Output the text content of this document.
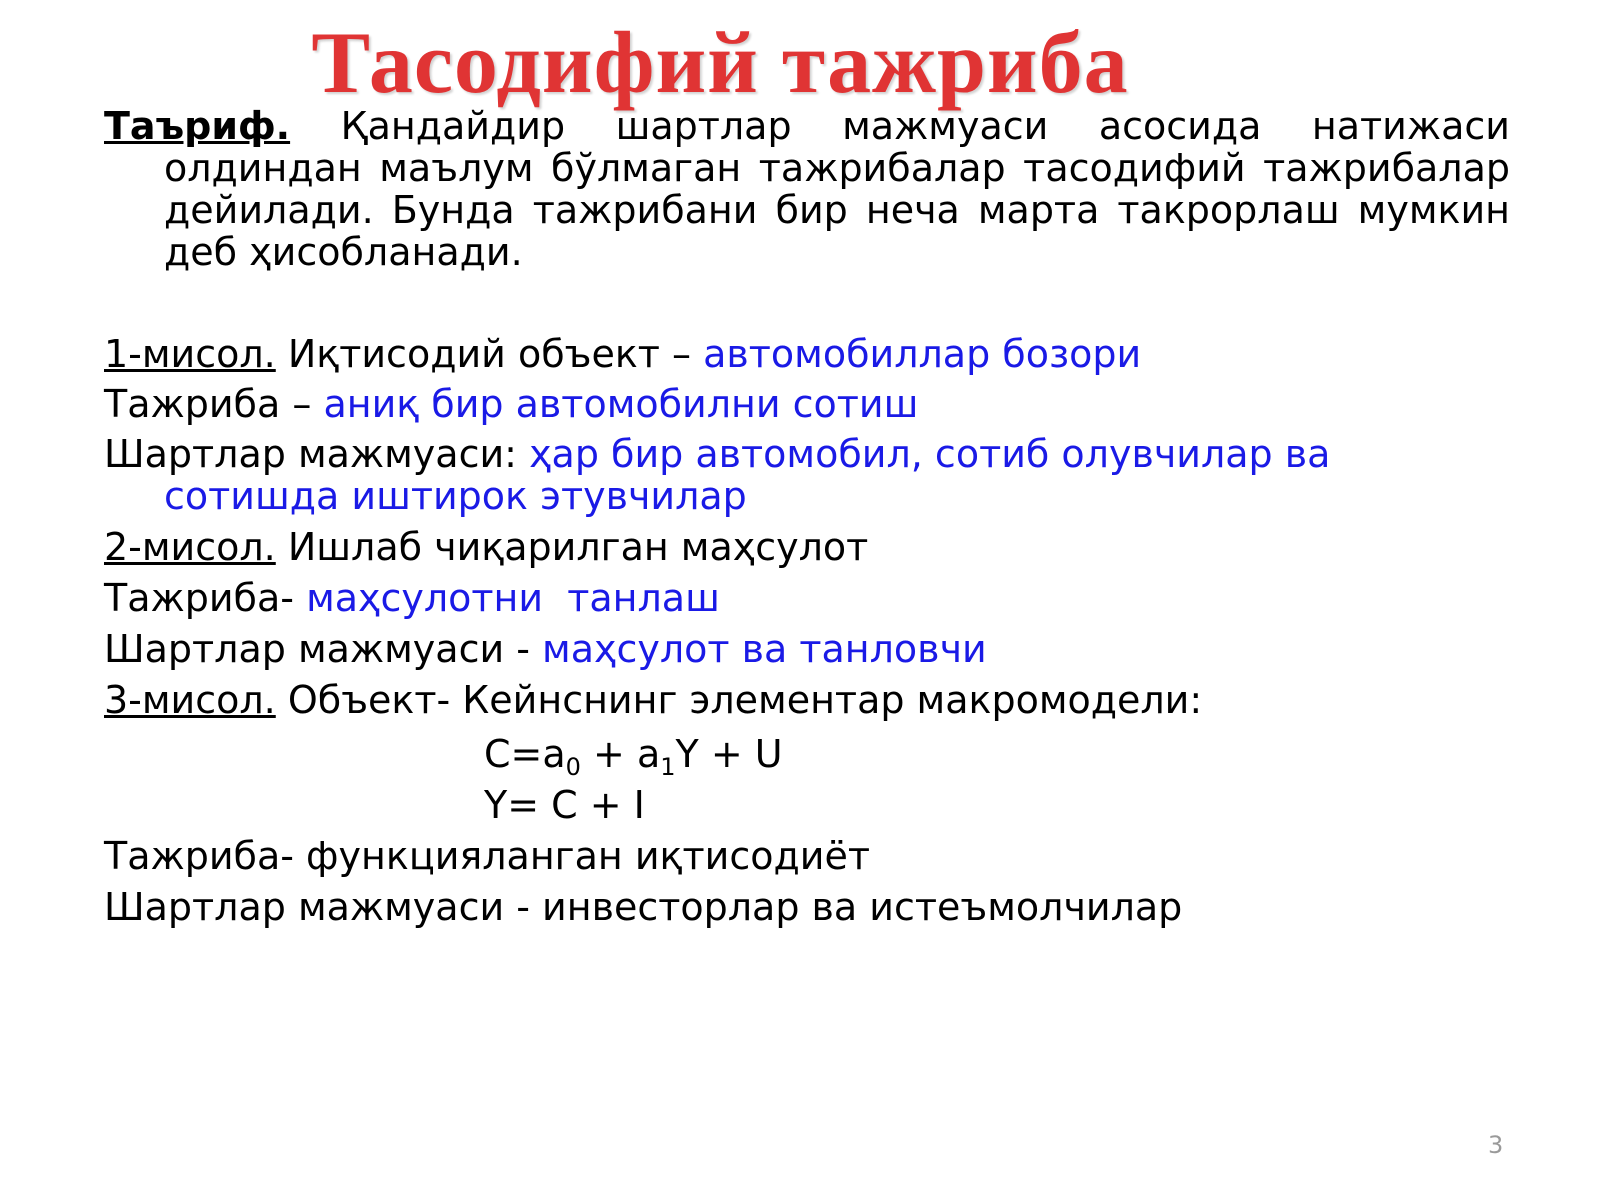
Тасодифий тажриба
Таъриф. Қандайдир шартлар мажмуаси асосида натижаси олдиндан маълум бўлмаган тажрибалар тасодифий тажрибалар дейилади. Бунда тажрибани бир неча марта такрорлаш мумкин деб ҳисобланади.
1-мисол. Иқтисодий объект – автомобиллар бозори
Тажриба – аниқ бир автомобилни сотиш
Шартлар мажмуаси: ҳар бир автомобил, сотиб олувчилар ва сотишда иштирок этувчилар
2-мисол. Ишлаб чиқарилган маҳсулот
Тажриба- маҳсулотни  танлаш
Шартлар мажмуаси - маҳсулот ва танловчи
3-мисол. Объект- Кейнснинг элементар макромодели:
$C=a_0 + a_1Y + U$
Y= C + I
Тажриба- функцияланган иқтисодиёт
Шартлар мажмуаси - инвесторлар ва истеъмолчилар
3
